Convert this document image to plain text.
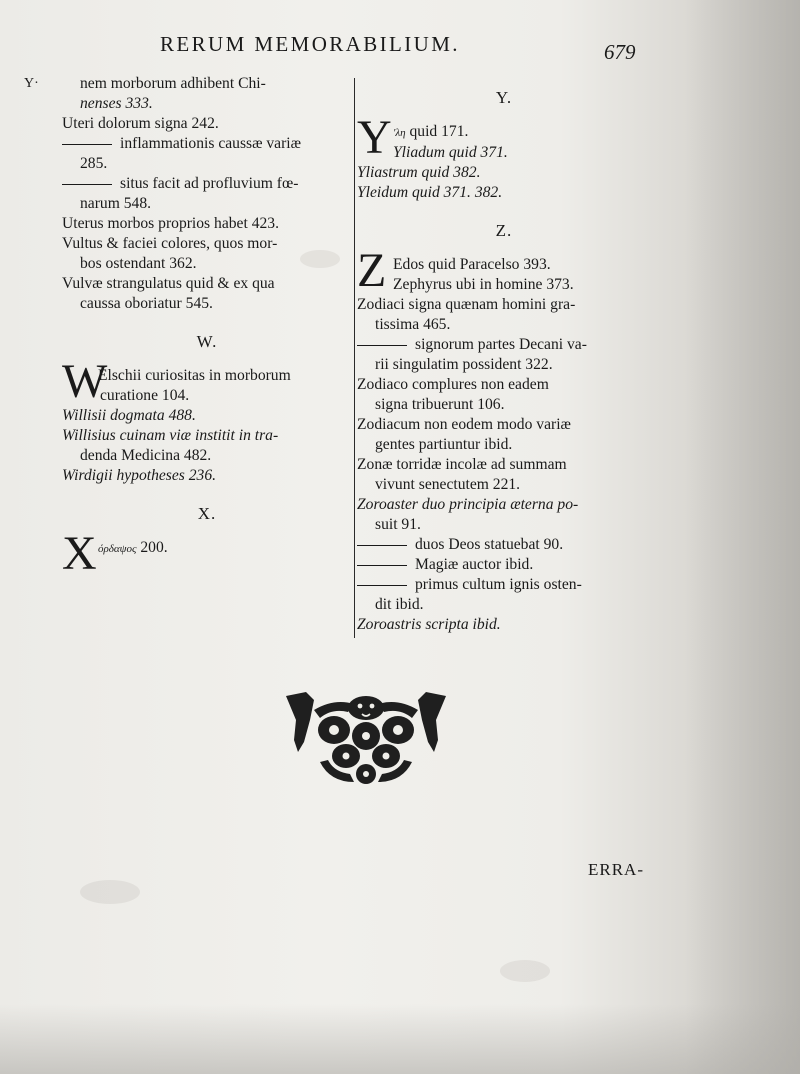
RERUM MEMORABILIUM.	679
Y·	nem morborum adhibent Chi-
nenses 333.
Uteri dolorum signa 242.
inflammationis caussæ variæ
285.
situs facit ad profluvium fœ-
narum 548.
Uterus morbos proprios habet 423.
Vultus & faciei colores, quos mor-
bos ostendant 362.
Vulvæ strangulatus quid & ex qua
caussa oboriatur 545.
W.
W
Elschii curiositas in morborum
curatione 104.
Willisii dogmata 488.
Willisius cuinam viæ institit in tra-
denda Medicina 482.
Wirdigii hypotheses 236.
X.
X όρδαψος 200.
Y.
Y 'λη quid 171.
Yliadum quid 371.
Yliastrum quid 382.
Yleidum quid 371. 382.
Z.
Z Edos quid Paracelso 393.
Zephyrus ubi in homine 373.
Zodiaci signa quænam homini gra-
tissima 465.
signorum partes Decani va-
rii singulatim possident 322.
Zodiaco complures non eadem
signa tribuerunt 106.
Zodiacum non eodem modo variæ
gentes partiuntur ibid.
Zonæ torridæ incolæ ad summam
vivunt senectutem 221.
Zoroaster duo principia æterna po-
suit 91.
duos Deos statuebat 90.
Magiæ auctor ibid.
primus cultum ignis osten-
dit ibid.
Zoroastris scripta ibid.
ERRA-
